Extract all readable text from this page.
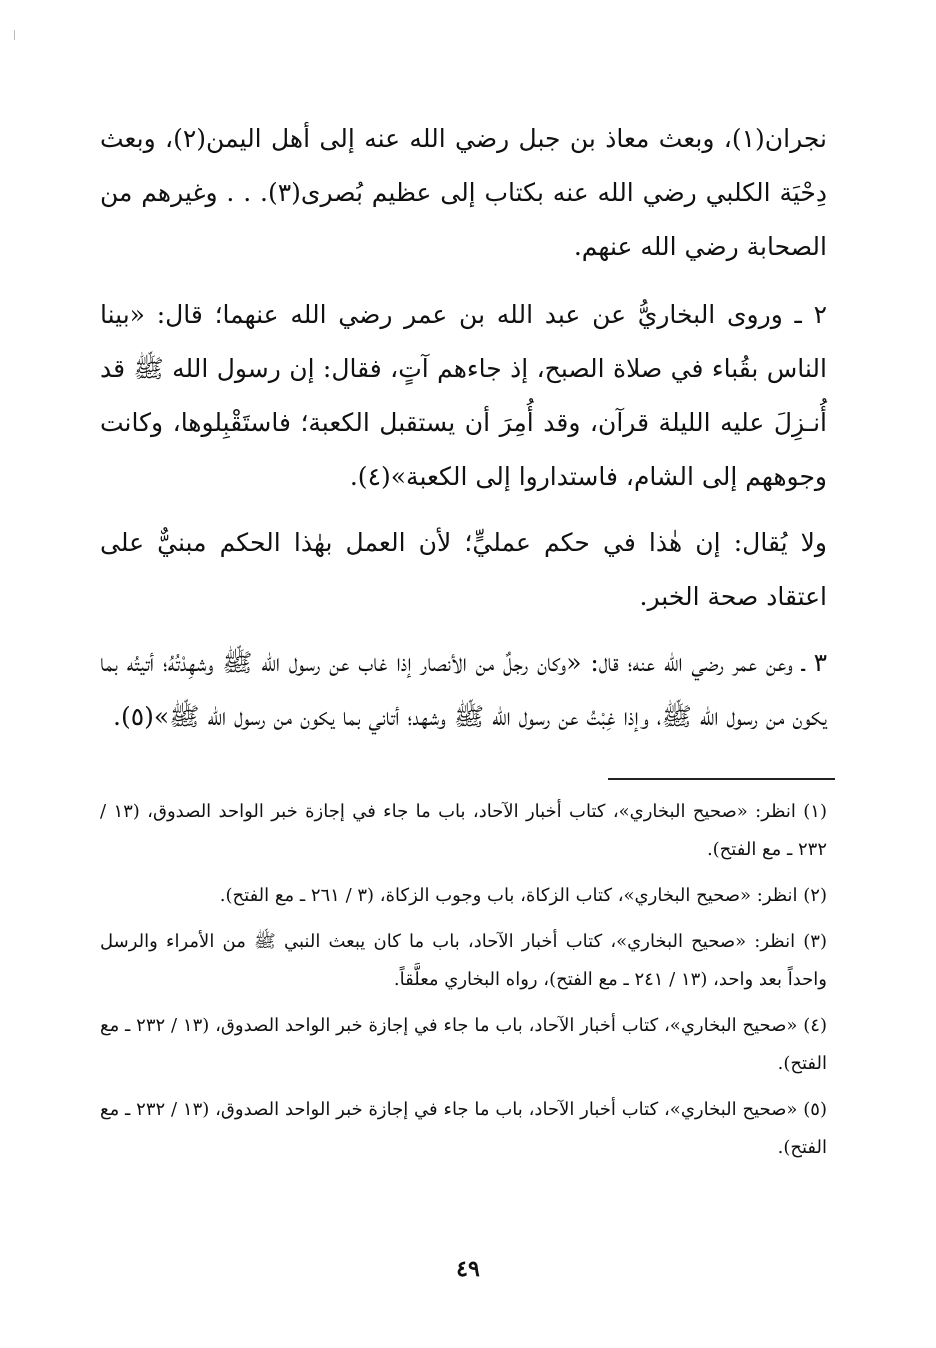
نجران(١)، وبعث معاذ بن جبل رضي الله عنه إلى أهل اليمن(٢)، وبعث دِحْيَة الكلبي رضي الله عنه بكتاب إلى عظيم بُصرى(٣). . . وغيرهم من الصحابة رضي الله عنهم.

٢ ـ وروى البخاريُّ عن عبد الله بن عمر رضي الله عنهما؛ قال: «بينا الناس بقُباء في صلاة الصبح، إذ جاءهم آتٍ، فقال: إن رسول الله ﷺ قد أُنـزِلَ عليه الليلة قرآن، وقد أُمِرَ أن يستقبل الكعبة؛ فاستَقْبِلوها، وكانت وجوههم إلى الشام، فاستداروا إلى الكعبة»(٤).

ولا يُقال: إن هٰذا في حكم عمليٍّ؛ لأن العمل بهٰذا الحكم مبنيٌّ على اعتقاد صحة الخبر.

٣ ـ وعن عمر رضي الله عنه؛ قال: «وكان رجلٌ من الأنصار إذا غاب عن رسول الله ﷺ وشهِدْتُهُ؛ أتيتُه بما يكون من رسول الله ﷺ، وإذا غِبْتُ عن رسول الله ﷺ وشهد؛ أتاني بما يكون من رسول الله ﷺ»(٥).

(١) انظر: «صحيح البخاري»، كتاب أخبار الآحاد، باب ما جاء في إجازة خبر الواحد الصدوق، (١٣ / ٢٣٢ ـ مع الفتح).

(٢) انظر: «صحيح البخاري»، كتاب الزكاة، باب وجوب الزكاة، (٣ / ٢٦١ ـ مع الفتح).

(٣) انظر: «صحيح البخاري»، كتاب أخبار الآحاد، باب ما كان يبعث النبي ﷺ من الأمراء والرسل واحداً بعد واحد، (١٣ / ٢٤١ ـ مع الفتح)، رواه البخاري معلَّقاً.

(٤) «صحيح البخاري»، كتاب أخبار الآحاد، باب ما جاء في إجازة خبر الواحد الصدوق، (١٣ / ٢٣٢ ـ مع الفتح).

(٥) «صحيح البخاري»، كتاب أخبار الآحاد، باب ما جاء في إجازة خبر الواحد الصدوق، (١٣ / ٢٣٢ ـ مع الفتح).

٤٩
